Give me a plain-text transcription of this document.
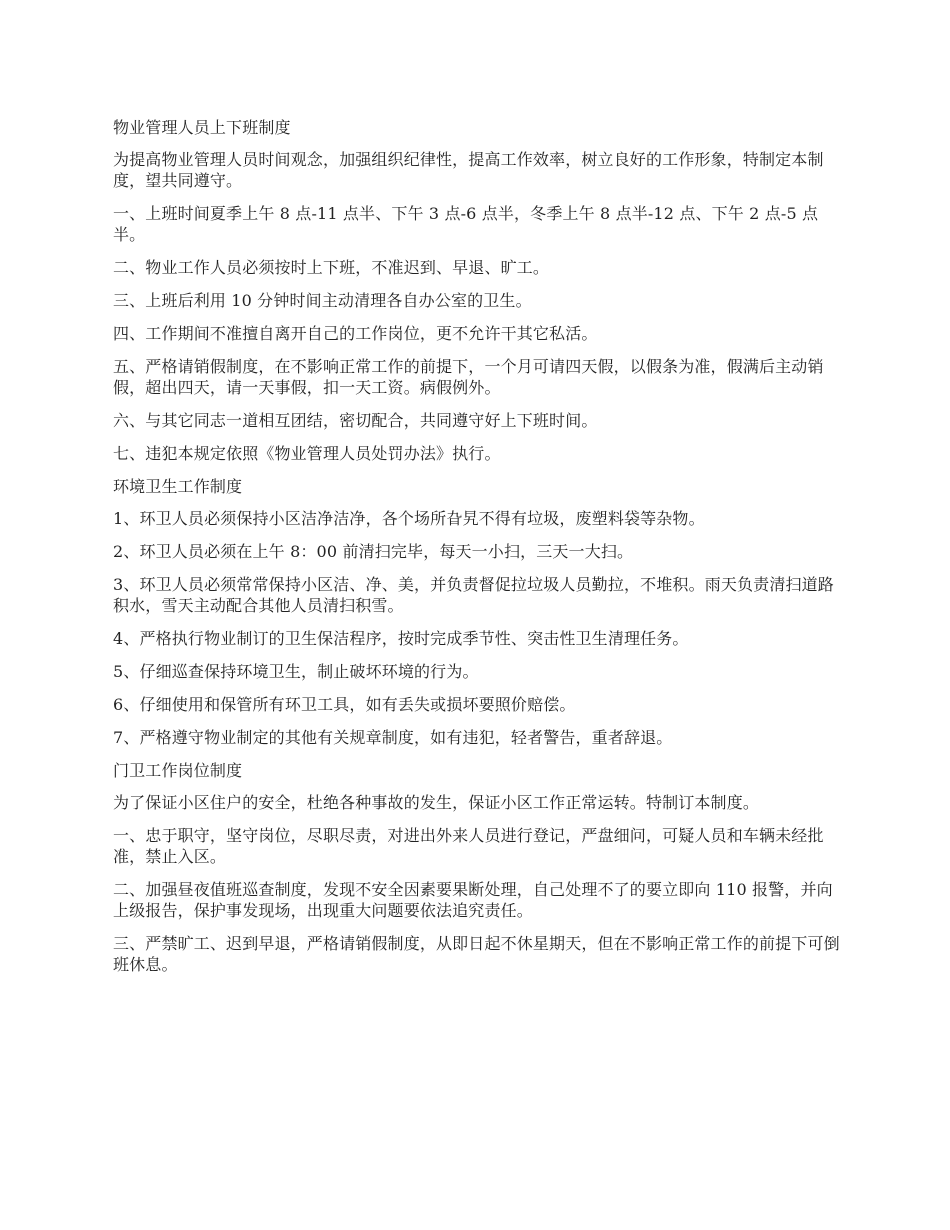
物业管理人员上下班制度

为提高物业管理人员时间观念，加强组织纪律性，提高工作效率，树立良好的工作形象，特制定本制度，望共同遵守。

一、上班时间夏季上午 8 点-11 点半、下午 3 点-6 点半，冬季上午 8 点半-12 点、下午 2 点-5 点半。

二、物业工作人员必须按时上下班，不准迟到、早退、旷工。

三、上班后利用 10 分钟时间主动清理各自办公室的卫生。

四、工作期间不准擅自离开自己的工作岗位，更不允许干其它私活。

五、严格请销假制度，在不影响正常工作的前提下，一个月可请四天假，以假条为准，假满后主动销假，超出四天，请一天事假，扣一天工资。病假例外。

六、与其它同志一道相互团结，密切配合，共同遵守好上下班时间。

七、违犯本规定依照《物业管理人员处罚办法》执行。

环境卫生工作制度

1、环卫人员必须保持小区洁净洁净，各个场所旮旯不得有垃圾，废塑料袋等杂物。

2、环卫人员必须在上午 8：00 前清扫完毕，每天一小扫，三天一大扫。

3、环卫人员必须常常保持小区洁、净、美，并负责督促拉垃圾人员勤拉，不堆积。雨天负责清扫道路积水，雪天主动配合其他人员清扫积雪。

4、严格执行物业制订的卫生保洁程序，按时完成季节性、突击性卫生清理任务。

5、仔细巡查保持环境卫生，制止破坏环境的行为。

6、仔细使用和保管所有环卫工具，如有丢失或损坏要照价赔偿。

7、严格遵守物业制定的其他有关规章制度，如有违犯，轻者警告，重者辞退。

门卫工作岗位制度

为了保证小区住户的安全，杜绝各种事故的发生，保证小区工作正常运转。特制订本制度。

一、忠于职守，坚守岗位，尽职尽责，对进出外来人员进行登记，严盘细问，可疑人员和车辆未经批准，禁止入区。

二、加强昼夜值班巡查制度，发现不安全因素要果断处理，自己处理不了的要立即向 110 报警，并向上级报告，保护事发现场，出现重大问题要依法追究责任。

三、严禁旷工、迟到早退，严格请销假制度，从即日起不休星期天，但在不影响正常工作的前提下可倒班休息。
